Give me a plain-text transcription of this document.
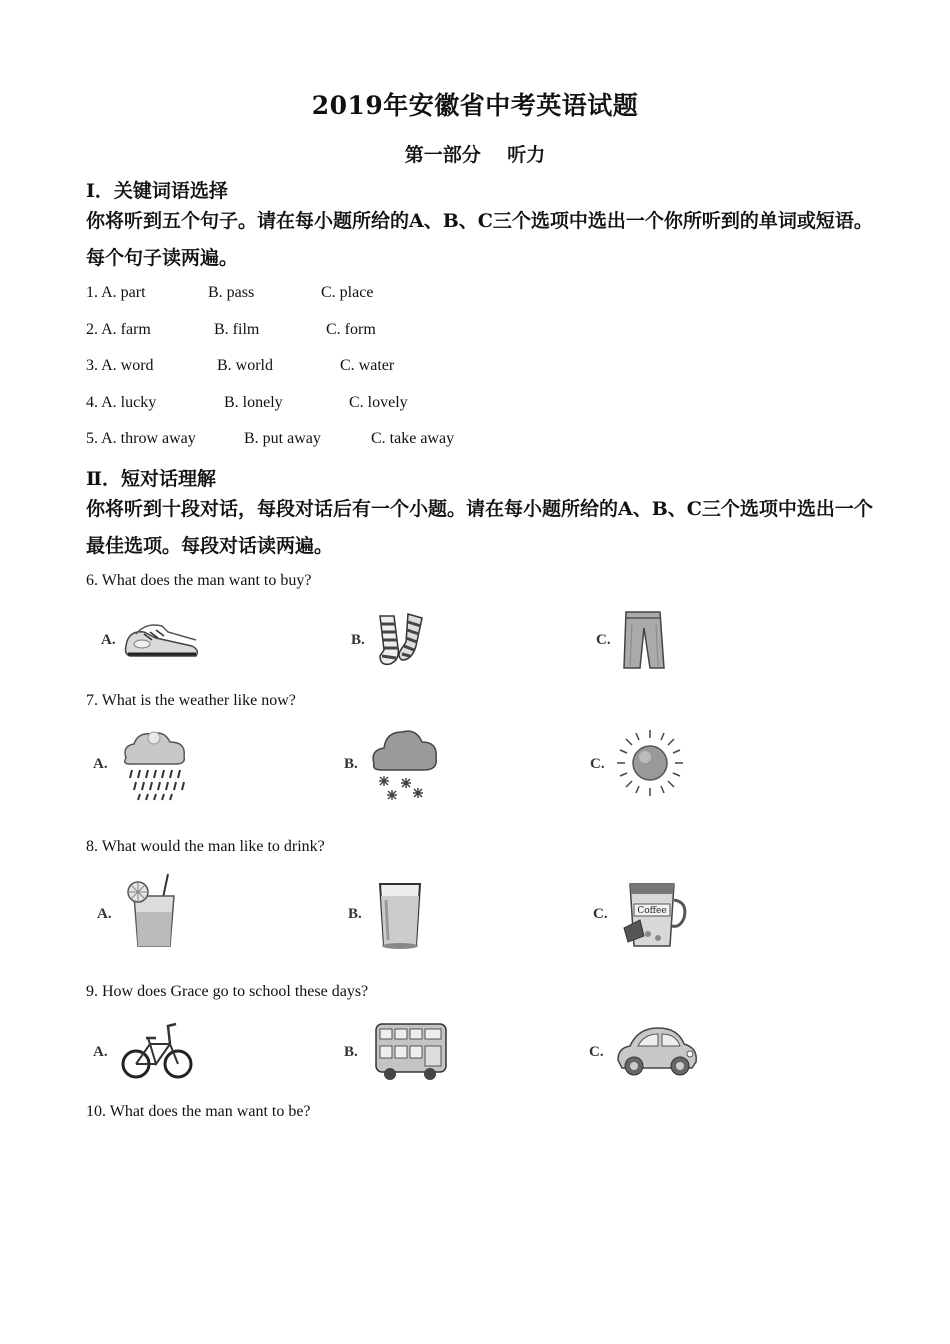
2019年安徽省中考英语试题
第一部分    听力
I．关键词语选择
你将听到五个句子。请在每小题所给的A、B、C三个选项中选出一个你所听到的单词或短语。每个句子读两遍。
1. A. part	B. pass	C. place
2. A. farm	B. film	C. form
3. A. word	B. world	C. water
4. A. lucky	B. lonely	C. lovely
5. A. throw away	B. put away	C. take away
Ⅱ．短对话理解
你将听到十段对话，每段对话后有一个小题。请在每小题所给的A、B、C三个选项中选出一个最佳选项。每段对话读两遍。
6. What does the man want to buy?
A.	B.	C.
7. What is the weather like now?
A.	B.	C.
8. What would the man like to drink?
A.	B.	C.	Coffee
9. How does Grace go to school these days?
A.	B.	C.
10. What does the man want to be?
